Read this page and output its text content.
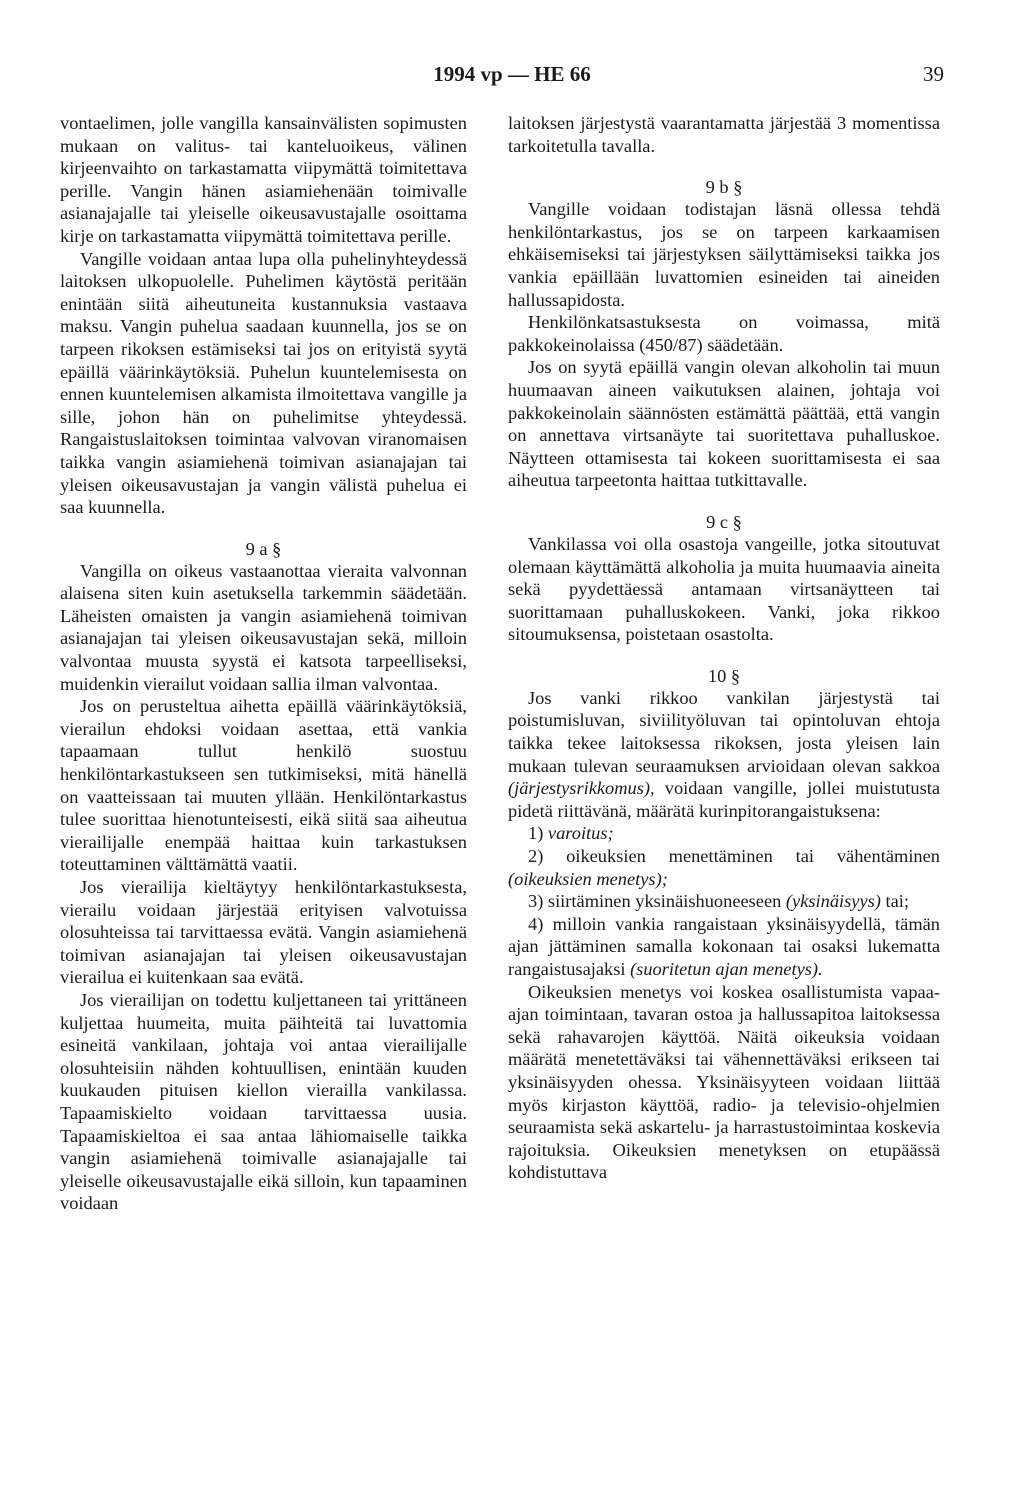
1994 vp — HE 66	39

vontaelimen, jolle vangilla kansainvälisten sopimusten mukaan on valitus- tai kanteluoikeus, välinen kirjeenvaihto on tarkastamatta viipymättä toimitettava perille. Vangin hänen asiamiehenään toimivalle asianajajalle tai yleiselle oikeusavustajalle osoittama kirje on tarkastamatta viipymättä toimitettava perille.

Vangille voidaan antaa lupa olla puhelinyhteydessä laitoksen ulkopuolelle. Puhelimen käytöstä peritään enintään siitä aiheutuneita kustannuksia vastaava maksu. Vangin puhelua saadaan kuunnella, jos se on tarpeen rikoksen estämiseksi tai jos on erityistä syytä epäillä väärinkäytöksiä. Puhelun kuuntelemisesta on ennen kuuntelemisen alkamista ilmoitettava vangille ja sille, johon hän on puhelimitse yhteydessä. Rangaistuslaitoksen toimintaa valvovan viranomaisen taikka vangin asiamiehenä toimivan asianajajan tai yleisen oikeusavustajan ja vangin välistä puhelua ei saa kuunnella.

9 a §

Vangilla on oikeus vastaanottaa vieraita valvonnan alaisena siten kuin asetuksella tarkemmin säädetään. Läheisten omaisten ja vangin asiamiehenä toimivan asianajajan tai yleisen oikeusavustajan sekä, milloin valvontaa muusta syystä ei katsota tarpeelliseksi, muidenkin vierailut voidaan sallia ilman valvontaa.

Jos on perusteltua aihetta epäillä väärinkäytöksiä, vierailun ehdoksi voidaan asettaa, että vankia tapaamaan tullut henkilö suostuu henkilöntarkastukseen sen tutkimiseksi, mitä hänellä on vaatteissaan tai muuten yllään. Henkilöntarkastus tulee suorittaa hienotunteisesti, eikä siitä saa aiheutua vierailijalle enempää haittaa kuin tarkastuksen toteuttaminen välttämättä vaatii.

Jos vierailija kieltäytyy henkilöntarkastuksesta, vierailu voidaan järjestää erityisen valvotuissa olosuhteissa tai tarvittaessa evätä. Vangin asiamiehenä toimivan asianajajan tai yleisen oikeusavustajan vierailua ei kuitenkaan saa evätä.

Jos vierailijan on todettu kuljettaneen tai yrittäneen kuljettaa huumeita, muita päihteitä tai luvattomia esineitä vankilaan, johtaja voi antaa vierailijalle olosuhteisiin nähden kohtuullisen, enintään kuuden kuukauden pituisen kiellon vierailla vankilassa. Tapaamiskielto voidaan tarvittaessa uusia. Tapaamiskieltoa ei saa antaa lähiomaiselle taikka vangin asiamiehenä toimivalle asianajajalle tai yleiselle oikeusavustajalle eikä silloin, kun tapaaminen voidaan

laitoksen järjestystä vaarantamatta järjestää 3 momentissa tarkoitetulla tavalla.

9 b §

Vangille voidaan todistajan läsnä ollessa tehdä henkilöntarkastus, jos se on tarpeen karkaamisen ehkäisemiseksi tai järjestyksen säilyttämiseksi taikka jos vankia epäillään luvattomien esineiden tai aineiden hallussapidosta.

Henkilönkatsastuksesta on voimassa, mitä pakkokeinolaissa (450/87) säädetään.

Jos on syytä epäillä vangin olevan alkoholin tai muun huumaavan aineen vaikutuksen alainen, johtaja voi pakkokeinolain säännösten estämättä päättää, että vangin on annettava virtsanäyte tai suoritettava puhalluskoe. Näytteen ottamisesta tai kokeen suorittamisesta ei saa aiheutua tarpeetonta haittaa tutkittavalle.

9 c §

Vankilassa voi olla osastoja vangeille, jotka sitoutuvat olemaan käyttämättä alkoholia ja muita huumaavia aineita sekä pyydettäessä antamaan virtsanäytteen tai suorittamaan puhalluskokeen. Vanki, joka rikkoo sitoumuksensa, poistetaan osastolta.

10 §

Jos vanki rikkoo vankilan järjestystä tai poistumisluvan, siviilityöluvan tai opintoluvan ehtoja taikka tekee laitoksessa rikoksen, josta yleisen lain mukaan tulevan seuraamuksen arvioidaan olevan sakkoa (järjestysrikkomus), voidaan vangille, jollei muistutusta pidetä riittävänä, määrätä kurinpitorangaistuksena:

1) varoitus;

2) oikeuksien menettäminen tai vähentäminen (oikeuksien menetys);

3) siirtäminen yksinäishuoneeseen (yksinäisyys) tai;

4) milloin vankia rangaistaan yksinäisyydellä, tämän ajan jättäminen samalla kokonaan tai osaksi lukematta rangaistusajaksi (suoritetun ajan menetys).

Oikeuksien menetys voi koskea osallistumista vapaa-ajan toimintaan, tavaran ostoa ja hallussapitoa laitoksessa sekä rahavarojen käyttöä. Näitä oikeuksia voidaan määrätä menetettäväksi tai vähennettäväksi erikseen tai yksinäisyyden ohessa. Yksinäisyyteen voidaan liittää myös kirjaston käyttöä, radio- ja televisio-ohjelmien seuraamista sekä askartelu- ja harrastustoimintaa koskevia rajoituksia. Oikeuksien menetyksen on etupäässä kohdistuttava
